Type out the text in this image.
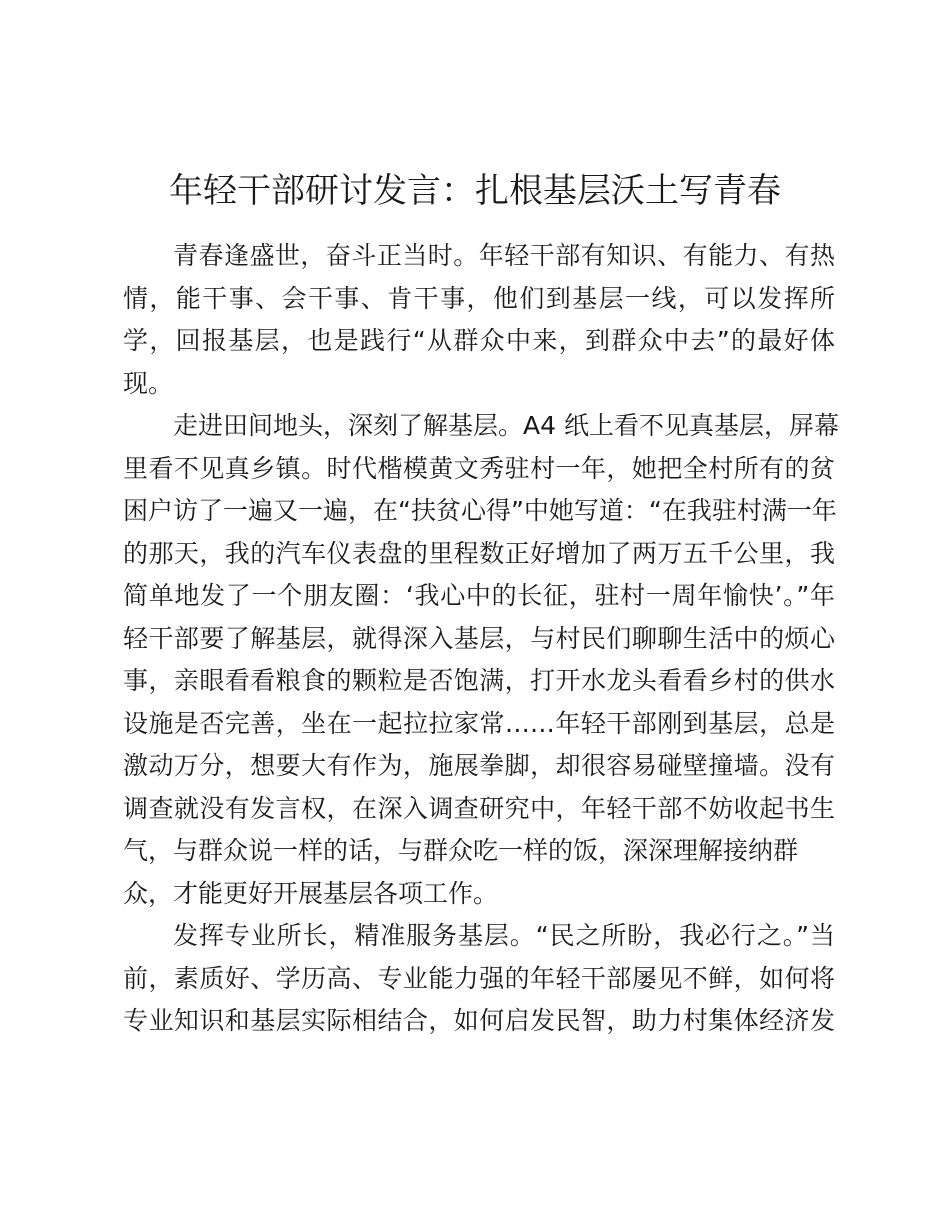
年轻干部研讨发言：扎根基层沃土写青春
青春逢盛世，奋斗正当时。年轻干部有知识、有能力、有热
情，能干事、会干事、肯干事，他们到基层一线，可以发挥所
学，回报基层，也是践行“从群众中来，到群众中去”的最好体
现。
走进田间地头，深刻了解基层。A4 纸上看不见真基层，屏幕
里看不见真乡镇。时代楷模黄文秀驻村一年，她把全村所有的贫
困户访了一遍又一遍，在“扶贫心得”中她写道：“在我驻村满一年
的那天，我的汽车仪表盘的里程数正好增加了两万五千公里，我
简单地发了一个朋友圈：‘我心中的长征，驻村一周年愉快’。”年
轻干部要了解基层，就得深入基层，与村民们聊聊生活中的烦心
事，亲眼看看粮食的颗粒是否饱满，打开水龙头看看乡村的供水
设施是否完善，坐在一起拉拉家常……年轻干部刚到基层，总是
激动万分，想要大有作为，施展拳脚，却很容易碰壁撞墙。没有
调查就没有发言权，在深入调查研究中，年轻干部不妨收起书生
气，与群众说一样的话，与群众吃一样的饭，深深理解接纳群
众，才能更好开展基层各项工作。
发挥专业所长，精准服务基层。“民之所盼，我必行之。”当
前，素质好、学历高、专业能力强的年轻干部屡见不鲜，如何将
专业知识和基层实际相结合，如何启发民智，助力村集体经济发
